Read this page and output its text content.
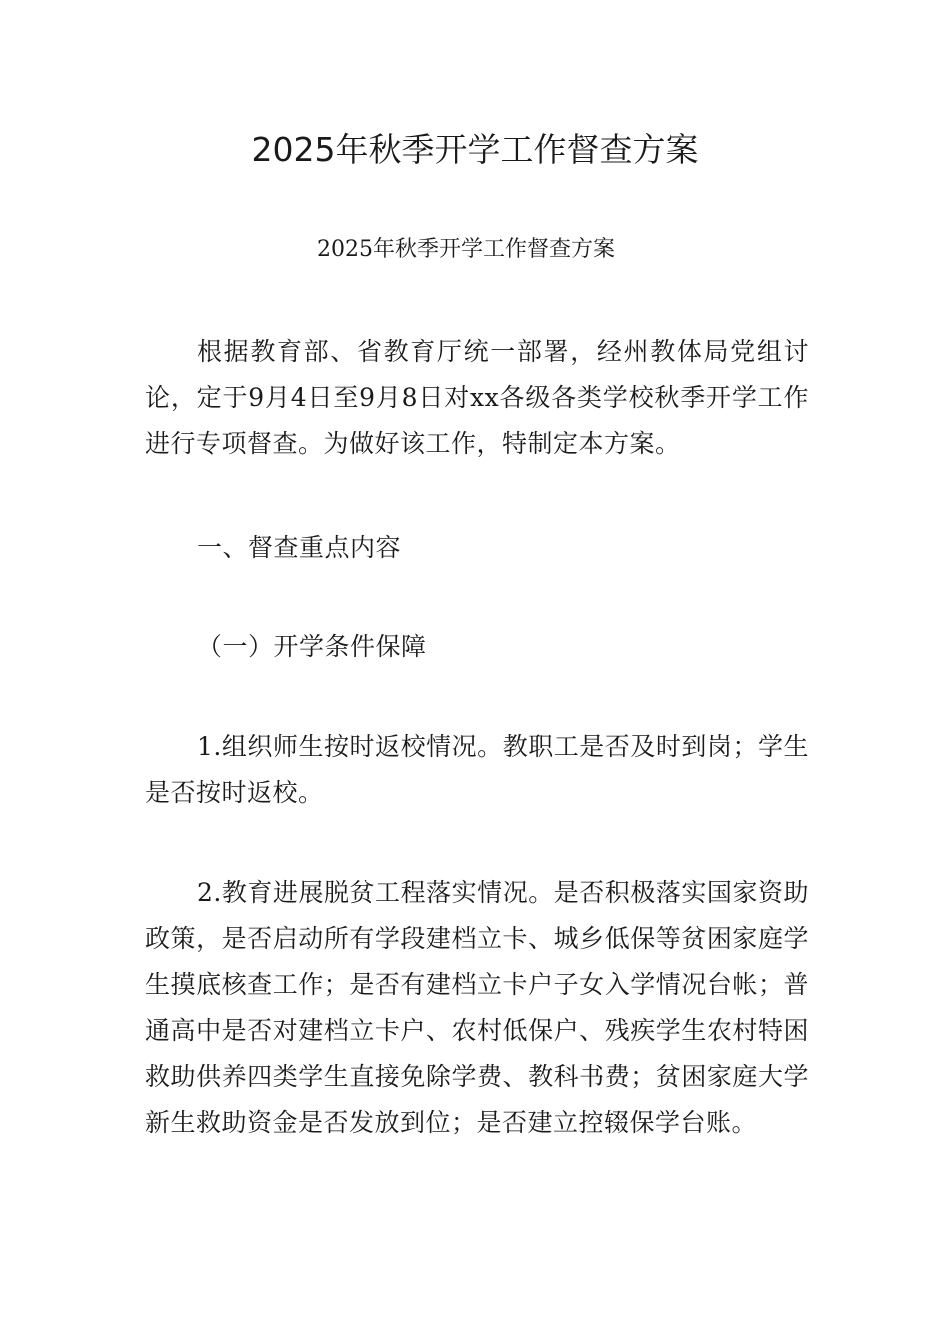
2025年秋季开学工作督查方案

2025年秋季开学工作督查方案

根据教育部、省教育厅统一部署，经州教体局党组讨论，定于9月4日至9月8日对xx各级各类学校秋季开学工作进行专项督查。为做好该工作，特制定本方案。

一、督查重点内容

（一）开学条件保障

1.组织师生按时返校情况。教职工是否及时到岗；学生是否按时返校。

2.教育进展脱贫工程落实情况。是否积极落实国家资助政策，是否启动所有学段建档立卡、城乡低保等贫困家庭学生摸底核查工作；是否有建档立卡户子女入学情况台帐；普通高中是否对建档立卡户、农村低保户、残疾学生农村特困救助供养四类学生直接免除学费、教科书费；贫困家庭大学新生救助资金是否发放到位；是否建立控辍保学台账。
